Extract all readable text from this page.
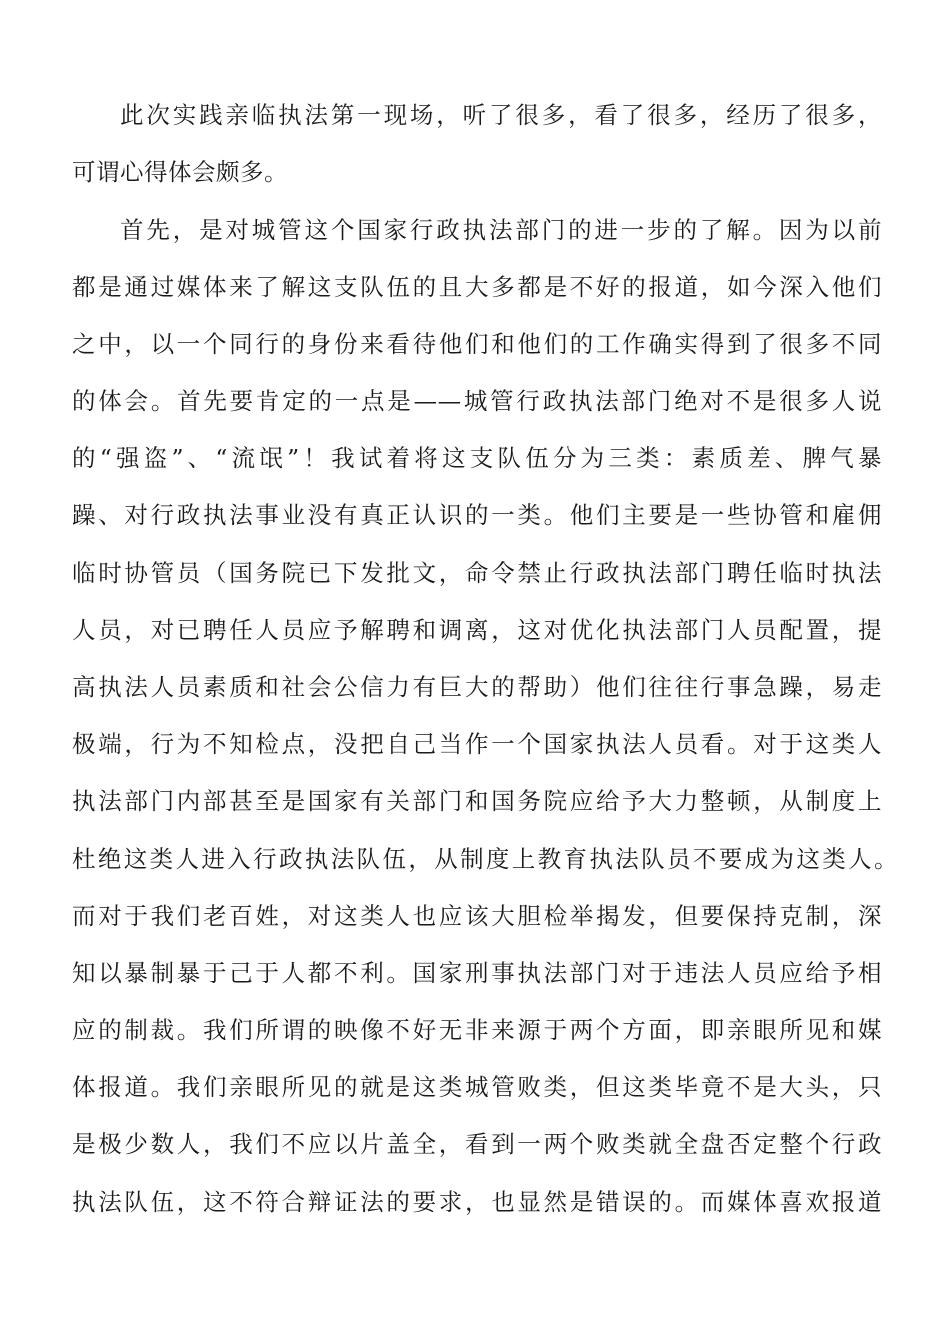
此次实践亲临执法第一现场，听了很多，看了很多，经历了很多，
可谓心得体会颇多。
首先，是对城管这个国家行政执法部门的进一步的了解。因为以前
都是通过媒体来了解这支队伍的且大多都是不好的报道，如今深入他们
之中，以一个同行的身份来看待他们和他们的工作确实得到了很多不同
的体会。首先要肯定的一点是——城管行政执法部门绝对不是很多人说
的“强盗”、“流氓”！我试着将这支队伍分为三类：素质差、脾气暴
躁、对行政执法事业没有真正认识的一类。他们主要是一些协管和雇佣
临时协管员（国务院已下发批文，命令禁止行政执法部门聘任临时执法
人员，对已聘任人员应予解聘和调离，这对优化执法部门人员配置，提
高执法人员素质和社会公信力有巨大的帮助）他们往往行事急躁，易走
极端，行为不知检点，没把自己当作一个国家执法人员看。对于这类人
执法部门内部甚至是国家有关部门和国务院应给予大力整顿，从制度上
杜绝这类人进入行政执法队伍，从制度上教育执法队员不要成为这类人。
而对于我们老百姓，对这类人也应该大胆检举揭发，但要保持克制，深
知以暴制暴于己于人都不利。国家刑事执法部门对于违法人员应给予相
应的制裁。我们所谓的映像不好无非来源于两个方面，即亲眼所见和媒
体报道。我们亲眼所见的就是这类城管败类，但这类毕竟不是大头，只
是极少数人，我们不应以片盖全，看到一两个败类就全盘否定整个行政
执法队伍，这不符合辩证法的要求，也显然是错误的。而媒体喜欢报道
